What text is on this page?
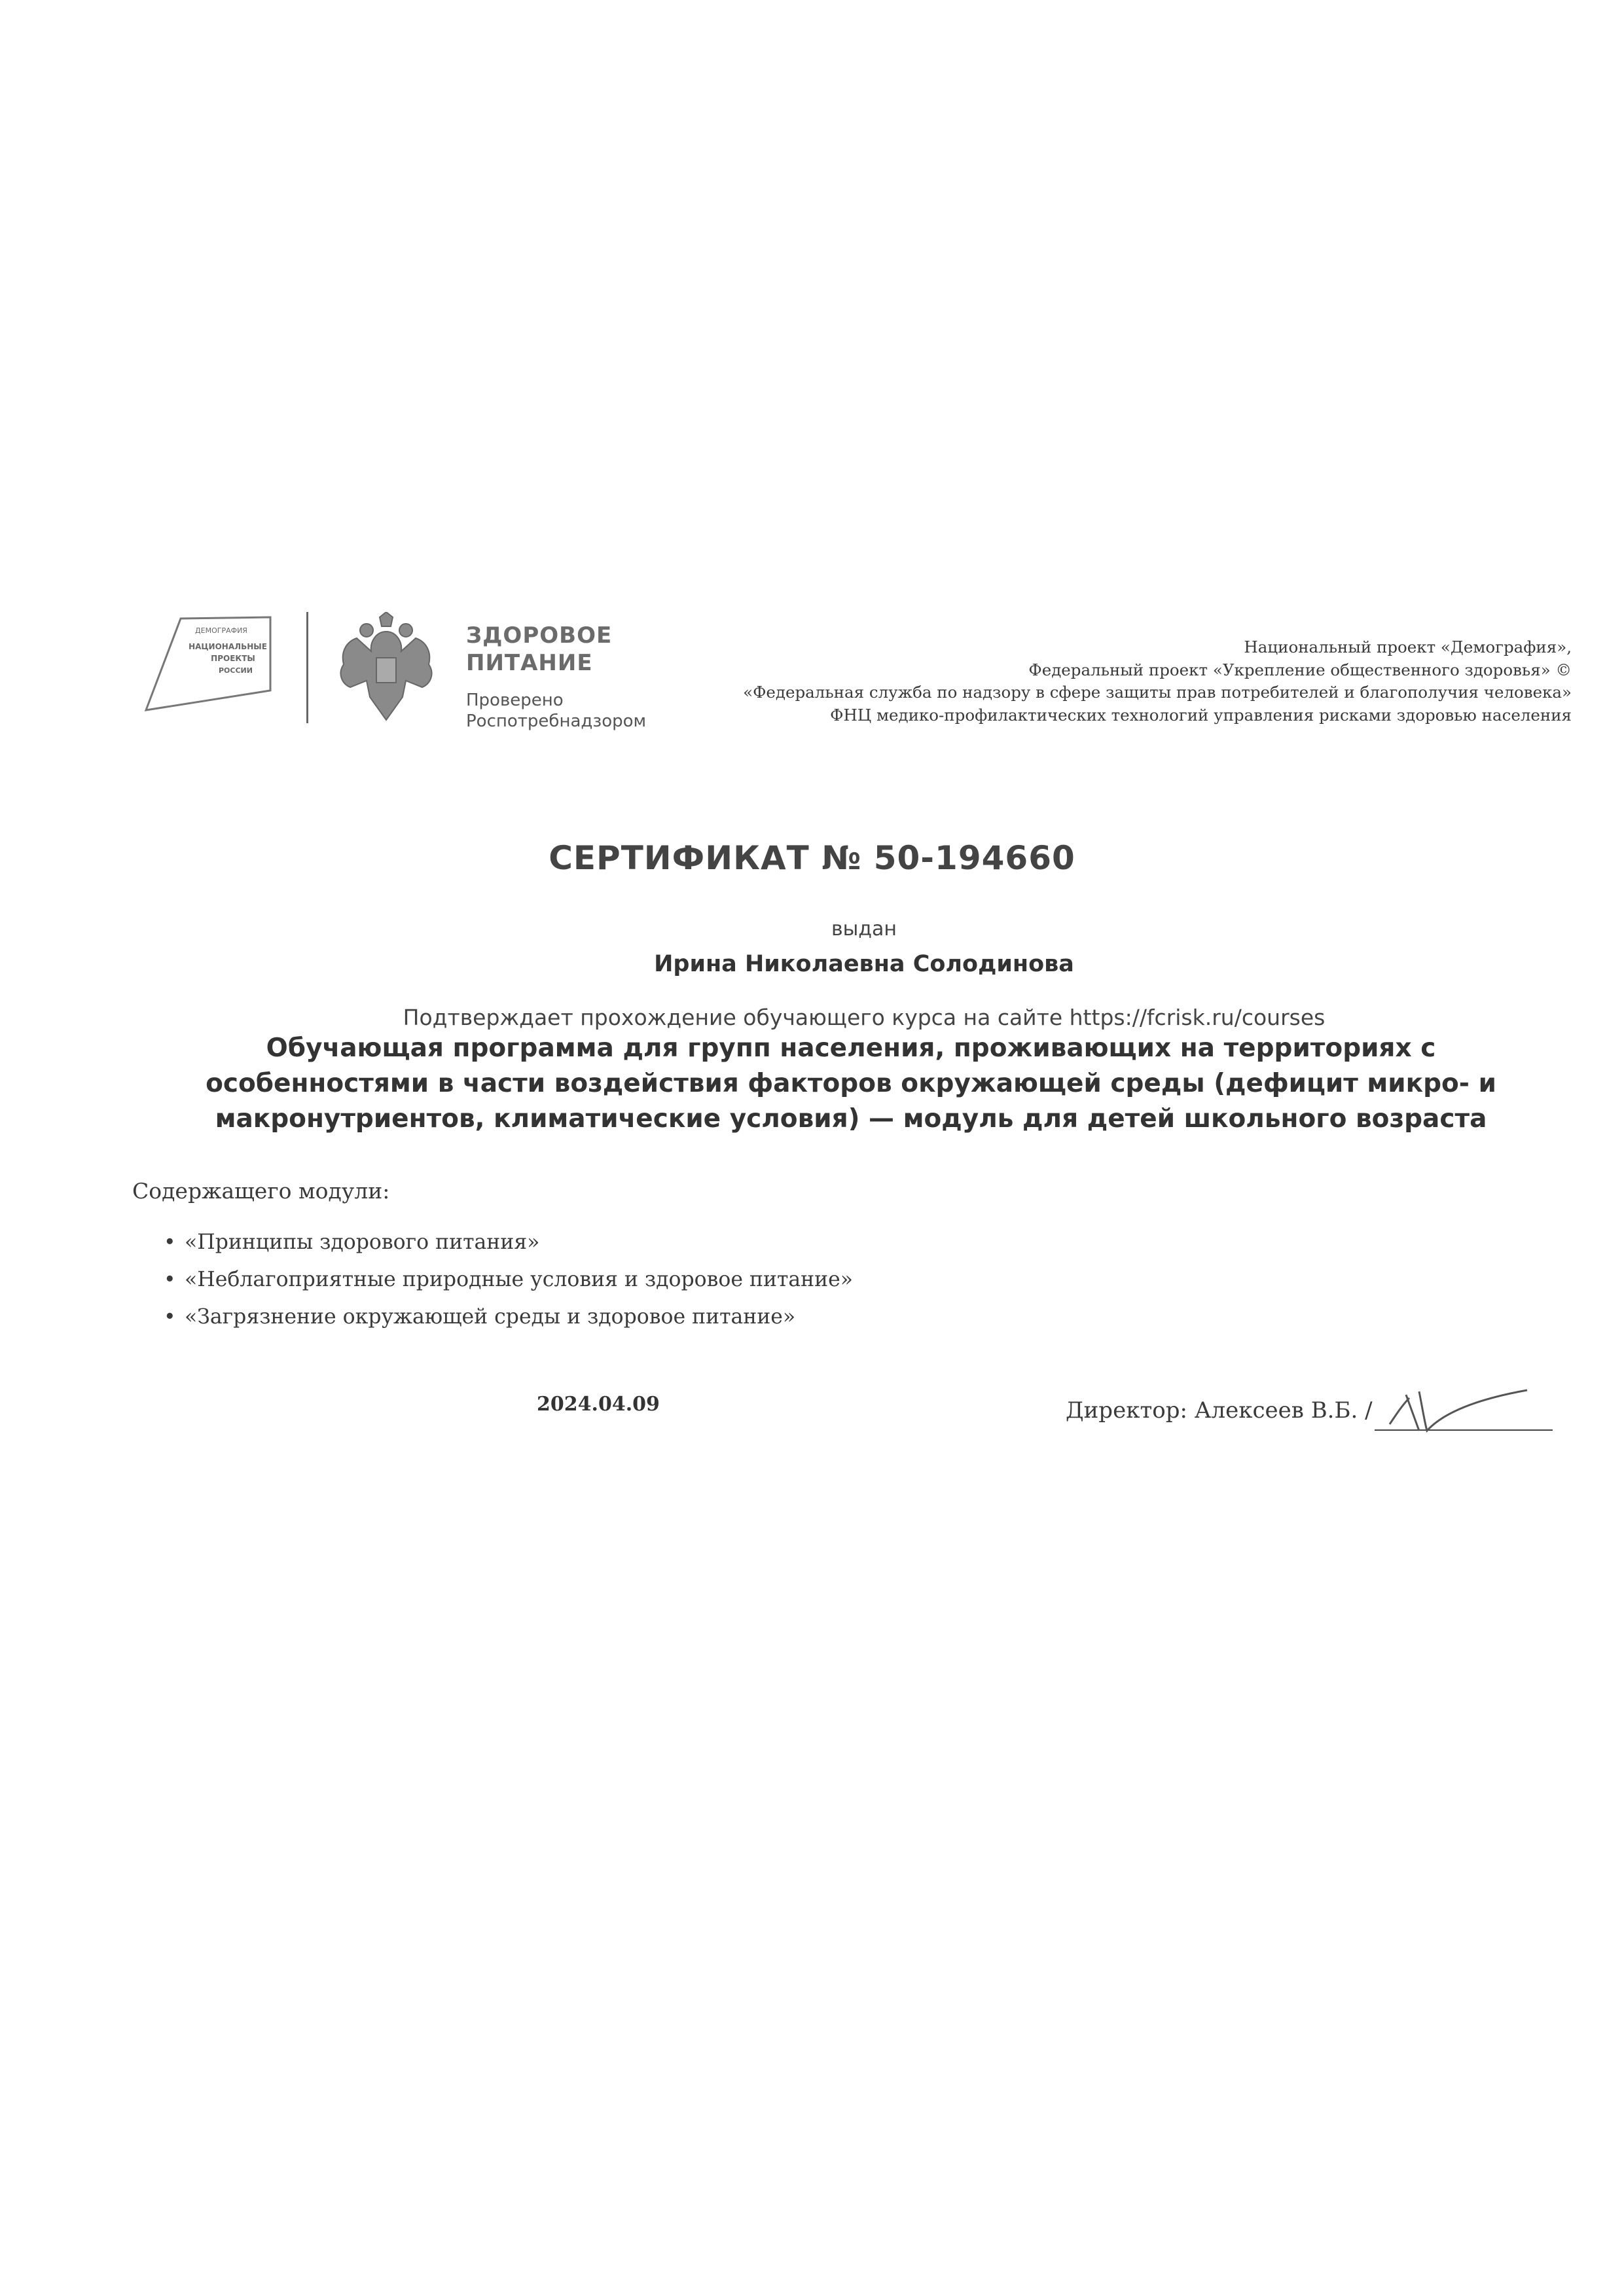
ДЕМОГРАФИЯ
НАЦИОНАЛЬНЫЕ
ПРОЕКТЫ
РОССИИ
ЗДОРОВОЕ
ПИТАНИЕ
Проверено
Роспотребнадзором
Национальный проект «Демография»,
Федеральный проект «Укрепление общественного здоровья» ©
«Федеральная служба по надзору в сфере защиты прав потребителей и благополучия человека»
ФНЦ медико-профилактических технологий управления рисками здоровью населения
СЕРТИФИКАТ № 50-194660
выдан
Ирина Николаевна Солодинова
Подтверждает прохождение обучающего курса на сайте https://fcrisk.ru/courses
Обучающая программа для групп населения, проживающих на территориях с
особенностями в части воздействия факторов окружающей среды (дефицит микро- и
макронутриентов, климатические условия) — модуль для детей школьного возраста
Содержащего модули:
• «Принципы здорового питания»
• «Неблагоприятные природные условия и здоровое питание»
• «Загрязнение окружающей среды и здоровое питание»
2024.04.09	Директор: Алексеев В.Б. /
